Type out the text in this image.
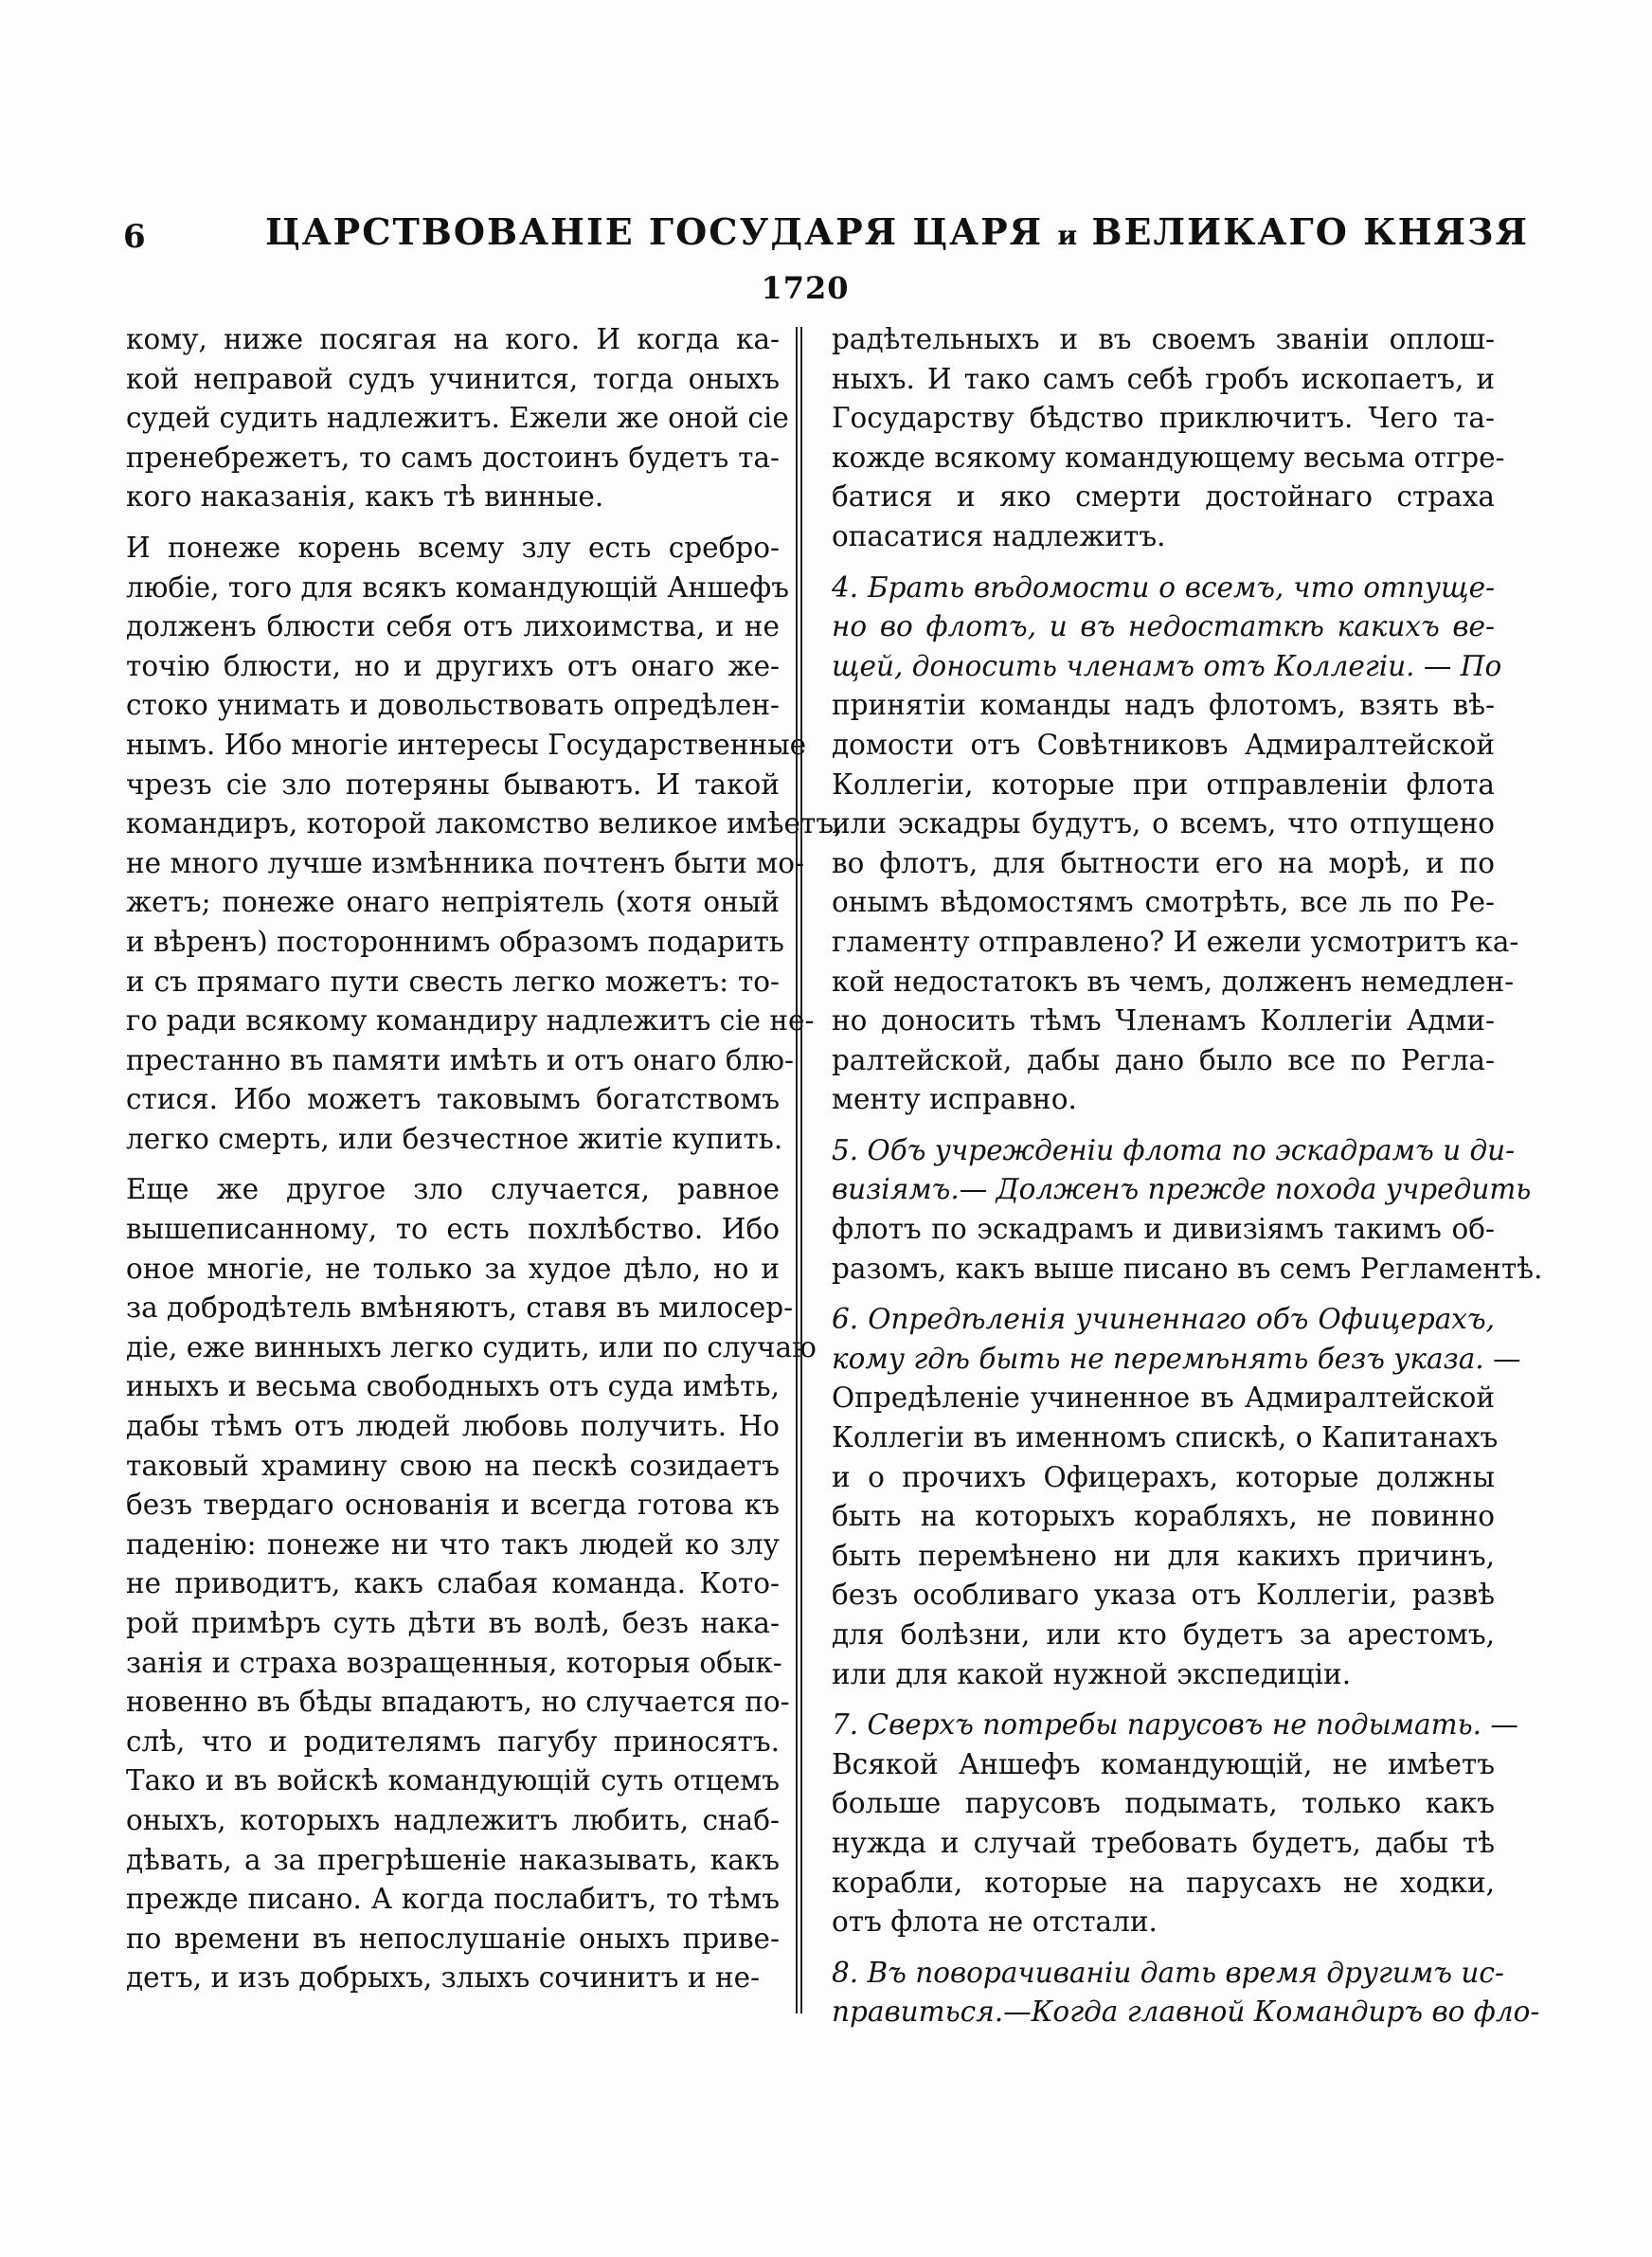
6	ЦАРСТВОВАНІЕ ГОСУДАРЯ ЦАРЯ и ВЕЛИКАГО КНЯЗЯ
1720
кому, ниже посягая на кого. И когда ка-
кой неправой судъ учинится, тогда оныхъ
судей судить надлежитъ. Ежели же оной сіе
пренебрежетъ, то самъ достоинъ будетъ та-
кого наказанія, какъ тѣ винные.
И понеже корень всему злу есть сребро-
любіе, того для всякъ командующій Аншефъ
долженъ блюсти себя отъ лихоимства, и не
точію блюсти, но и другихъ отъ онаго же-
стоко унимать и довольствовать опредѣлен-
нымъ. Ибо многіе интересы Государственные
чрезъ сіе зло потеряны бываютъ. И такой
командиръ, которой лакомство великое имѣетъ,
не много лучше измѣнника почтенъ быти мо-
жетъ; понеже онаго непріятель (хотя оный
и вѣренъ) постороннимъ образомъ подарить
и съ прямаго пути свесть легко можетъ: то-
го ради всякому командиру надлежитъ сіе не-
престанно въ памяти имѣть и отъ онаго блю-
стися. Ибо можетъ таковымъ богатствомъ
легко смерть, или безчестное житіе купить.
Еще же другое зло случается, равное
вышеписанному, то есть похлѣбство. Ибо
оное многіе, не только за худое дѣло, но и
за добродѣтель вмѣняютъ, ставя въ милосер-
діе, еже винныхъ легко судить, или по случаю
иныхъ и весьма свободныхъ отъ суда имѣть,
дабы тѣмъ отъ людей любовь получить. Но
таковый храмину свою на пескѣ созидаетъ
безъ твердаго основанія и всегда готова къ
паденію: понеже ни что такъ людей ко злу
не приводитъ, какъ слабая команда. Кото-
рой примѣръ суть дѣти въ волѣ, безъ нака-
занія и страха возращенныя, которыя обык-
новенно въ бѣды впадаютъ, но случается по-
слѣ, что и родителямъ пагубу приносятъ.
Тако и въ войскѣ командующій суть отцемъ
оныхъ, которыхъ надлежитъ любить, снаб-
дѣвать, а за прегрѣшеніе наказывать, какъ
прежде писано. А когда послабитъ, то тѣмъ
по времени въ непослушаніе оныхъ приве-
детъ, и изъ добрыхъ, злыхъ сочинитъ и не-
радѣтельныхъ и въ своемъ званіи оплош-
ныхъ. И тако самъ себѣ гробъ ископаетъ, и
Государству бѣдство приключитъ. Чего та-
кожде всякому командующему весьма отгре-
батися и яко смерти достойнаго страха
опасатися надлежитъ.
4. Брать вѣдомости о всемъ, что отпуще-
но во флотъ, и въ недостаткѣ какихъ ве-
щей, доносить членамъ отъ Коллегіи. — По
принятіи команды надъ флотомъ, взять вѣ-
домости отъ Совѣтниковъ Адмиралтейской
Коллегіи, которые при отправленіи флота
или эскадры будутъ, о всемъ, что отпущено
во флотъ, для бытности его на морѣ, и по
онымъ вѣдомостямъ смотрѣть, все ль по Ре-
гламенту отправлено? И ежели усмотритъ ка-
кой недостатокъ въ чемъ, долженъ немедлен-
но доносить тѣмъ Членамъ Коллегіи Адми-
ралтейской, дабы дано было все по Регла-
менту исправно.
5. Объ учрежденіи флота по эскадрамъ и ди-
визіямъ.— Долженъ прежде похода учредить
флотъ по эскадрамъ и дивизіямъ такимъ об-
разомъ, какъ выше писано въ семъ Регламентѣ.
6. Опредѣленія учиненнаго объ Офицерахъ,
кому гдѣ быть не перемѣнять безъ указа. —
Опредѣленіе учиненное въ Адмиралтейской
Коллегіи въ именномъ спискѣ, о Капитанахъ
и о прочихъ Офицерахъ, которые должны
быть на которыхъ корабляхъ, не повинно
быть перемѣнено ни для какихъ причинъ,
безъ особливаго указа отъ Коллегіи, развѣ
для болѣзни, или кто будетъ за арестомъ,
или для какой нужной экспедиціи.
7. Сверхъ потребы парусовъ не подымать. —
Всякой Аншефъ командующій, не имѣетъ
больше парусовъ подымать, только какъ
нужда и случай требовать будетъ, дабы тѣ
корабли, которые на парусахъ не ходки,
отъ флота не отстали.
8. Въ поворачиваніи дать время другимъ ис-
правиться.—Когда главной Командиръ во фло-
